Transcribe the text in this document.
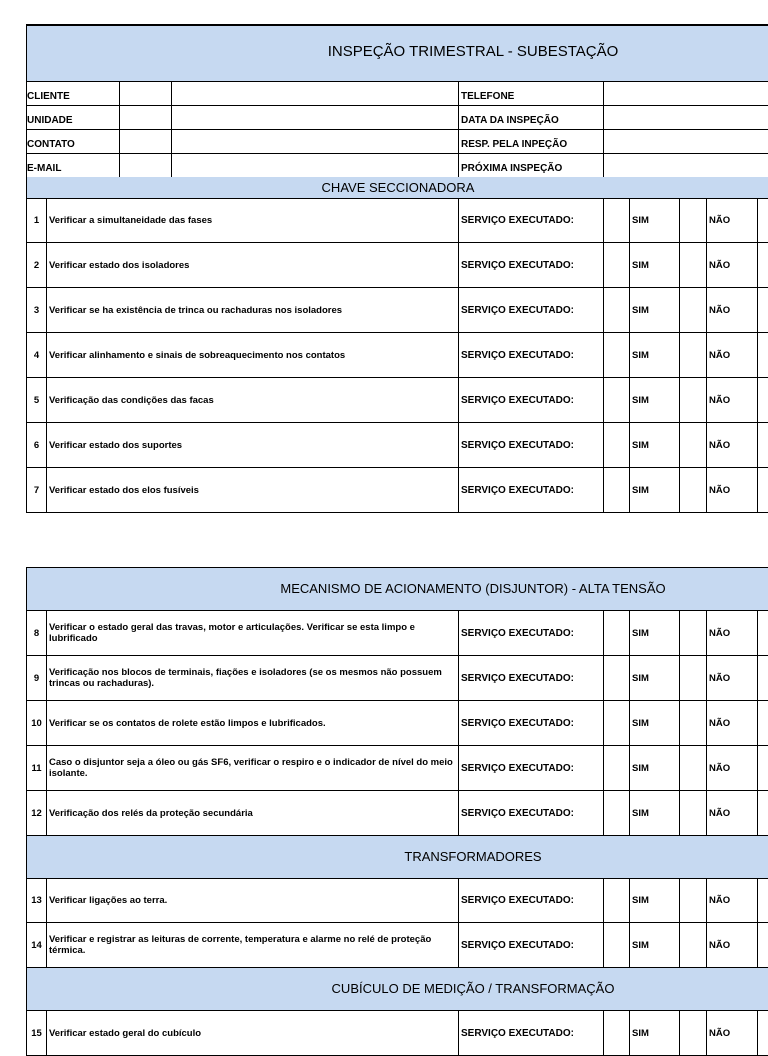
INSPEÇÃO TRIMESTRAL - SUBESTAÇÃO
CLIENTE	TELEFONE
UNIDADE	DATA DA INSPEÇÃO
CONTATO	RESP. PELA INPEÇÃO
E-MAIL	PRÓXIMA INSPEÇÃO
CHAVE SECCIONADORA
1	Verificar a simultaneidade das fases	SERVIÇO EXECUTADO:	SIM	NÃO
2	Verificar estado dos isoladores	SERVIÇO EXECUTADO:	SIM	NÃO
3	Verificar se ha existência de trinca ou rachaduras nos isoladores	SERVIÇO EXECUTADO:	SIM	NÃO
4	Verificar alinhamento e sinais de sobreaquecimento nos contatos	SERVIÇO EXECUTADO:	SIM	NÃO
5	Verificação das condições das facas	SERVIÇO EXECUTADO:	SIM	NÃO
6	Verificar estado dos suportes	SERVIÇO EXECUTADO:	SIM	NÃO
7	Verificar estado dos elos fusíveis	SERVIÇO EXECUTADO:	SIM	NÃO
MECANISMO DE ACIONAMENTO (DISJUNTOR) - ALTA TENSÃO
8	Verificar o estado geral das travas, motor e articulações. Verificar se esta limpo e lubrificado	SERVIÇO EXECUTADO:	SIM	NÃO
9	Verificação nos blocos de terminais, fiações e isoladores (se os mesmos não possuem trincas ou rachaduras).	SERVIÇO EXECUTADO:	SIM	NÃO
10 Verificar se os contatos de rolete estão limpos e lubrificados.	SERVIÇO EXECUTADO:	SIM	NÃO
11 Caso o disjuntor seja a óleo ou gás SF6, verificar o respiro e o indicador de nível do meio isolante.	SERVIÇO EXECUTADO:	SIM	NÃO
12 Verificação dos relés da proteção secundária	SERVIÇO EXECUTADO:	SIM	NÃO
TRANSFORMADORES
13 Verificar ligações ao terra.	SERVIÇO EXECUTADO:	SIM	NÃO
14 Verificar e registrar as leituras de corrente, temperatura e alarme no relé de proteção térmica.	SERVIÇO EXECUTADO:	SIM	NÃO
CUBÍCULO DE MEDIÇÃO / TRANSFORMAÇÃO
15 Verificar estado geral do cubículo	SERVIÇO EXECUTADO:	SIM	NÃO
